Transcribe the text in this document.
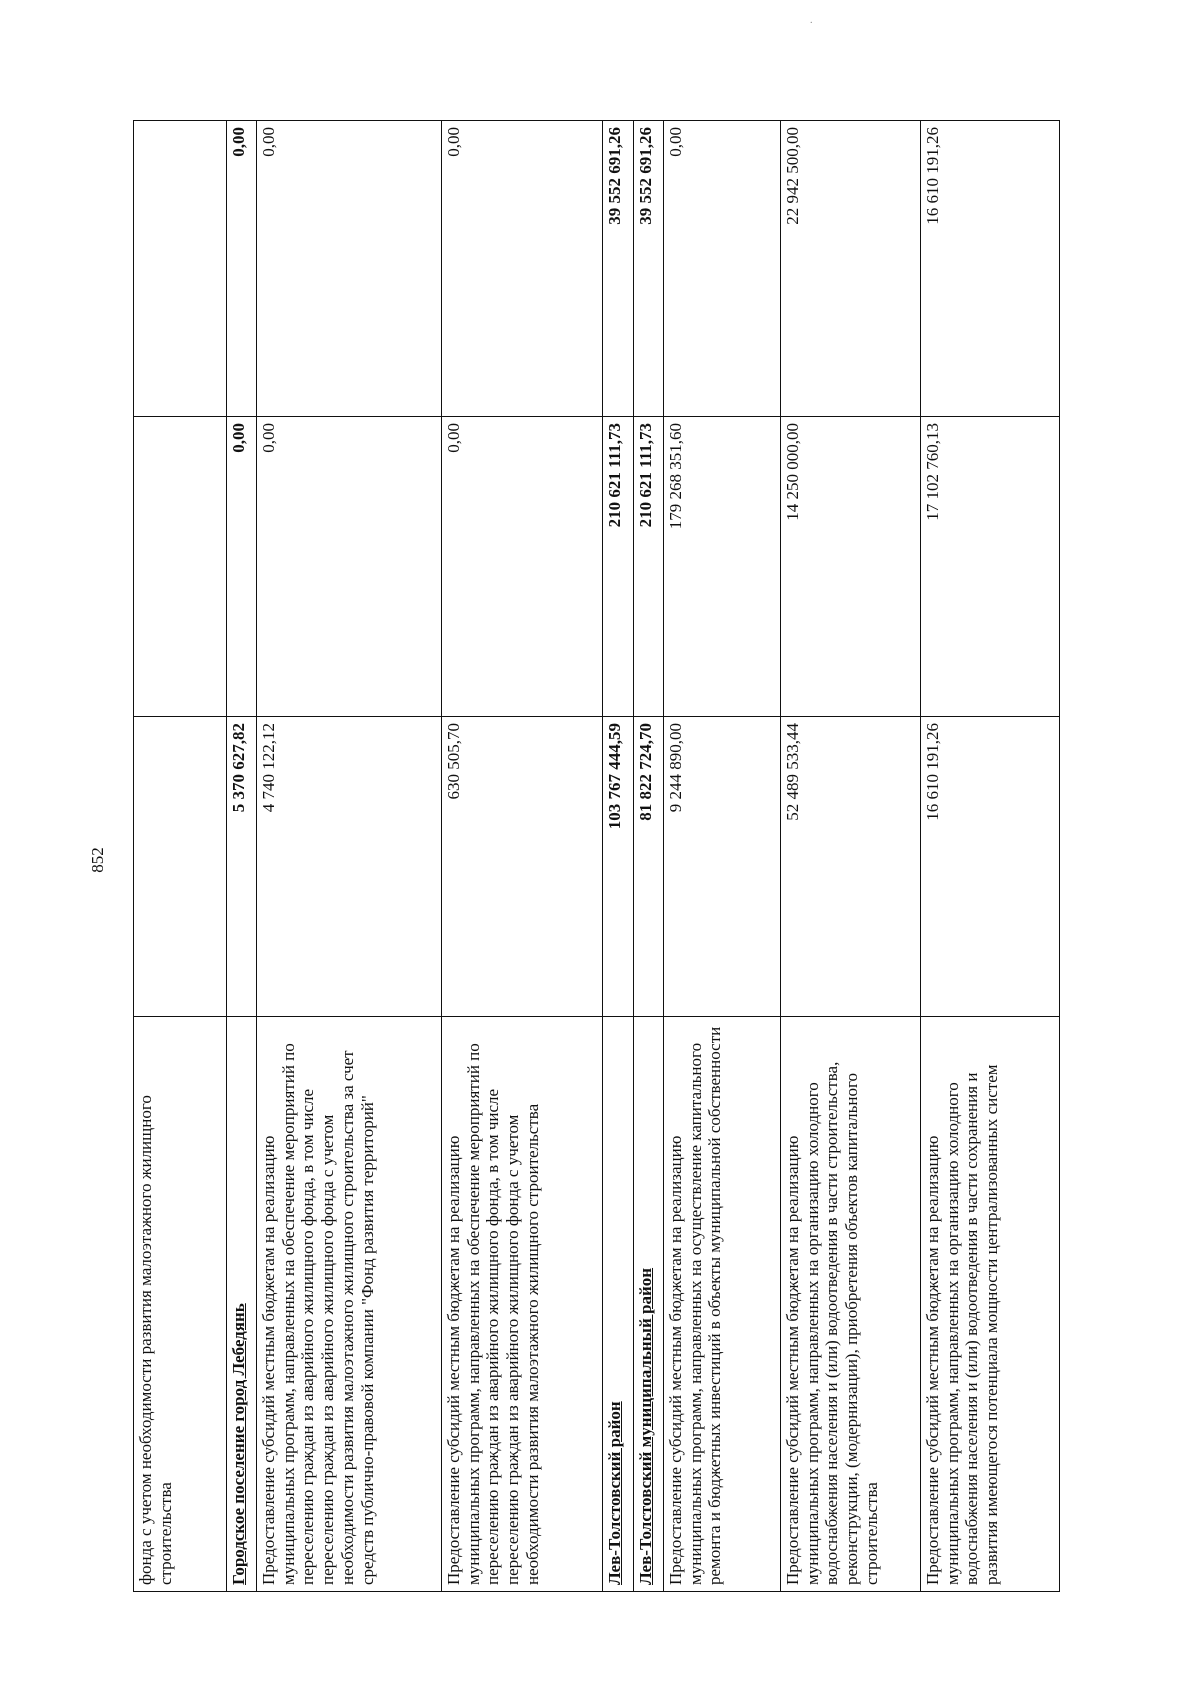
.
852
фонда с учетом необходимости развития малоэтажного жилищного строительства			
Городское поселение город Лебедянь	5 370 627,82	0,00	0,00
Предоставление субсидий местным бюджетам на реализацию муниципальных программ, направленных на обеспечение мероприятий по переселению граждан из аварийного жилищного фонда, в том числе переселению граждан из аварийного жилищного фонда с учетом необходимости развития малоэтажного жилищного строительства за счет средств публично-правовой компании "Фонд развития территорий"	4 740 122,12	0,00	0,00
Предоставление субсидий местным бюджетам на реализацию муниципальных программ, направленных на обеспечение мероприятий по переселению граждан из аварийного жилищного фонда, в том числе переселению граждан из аварийного жилищного фонда с учетом необходимости развития малоэтажного жилищного строительства	630 505,70	0,00	0,00
Лев-Толстовский район	103 767 444,59	210 621 111,73	39 552 691,26
Лев-Толстовский муниципальный район	81 822 724,70	210 621 111,73	39 552 691,26
Предоставление субсидий местным бюджетам на реализацию муниципальных программ, направленных на осуществление капитального ремонта и бюджетных инвестиций в объекты муниципальной собственности	9 244 890,00	179 268 351,60	0,00
Предоставление субсидий местным бюджетам на реализацию муниципальных программ, направленных на организацию холодного водоснабжения населения и (или) водоотведения в части строительства, реконструкции, (модернизации), приобретения объектов капитального строительства	52 489 533,44	14 250 000,00	22 942 500,00
Предоставление субсидий местным бюджетам на реализацию муниципальных программ, направленных на организацию холодного водоснабжения населения и (или) водоотведения в части сохранения и развития имеющегося потенциала мощности централизованных систем	16 610 191,26	17 102 760,13	16 610 191,26
